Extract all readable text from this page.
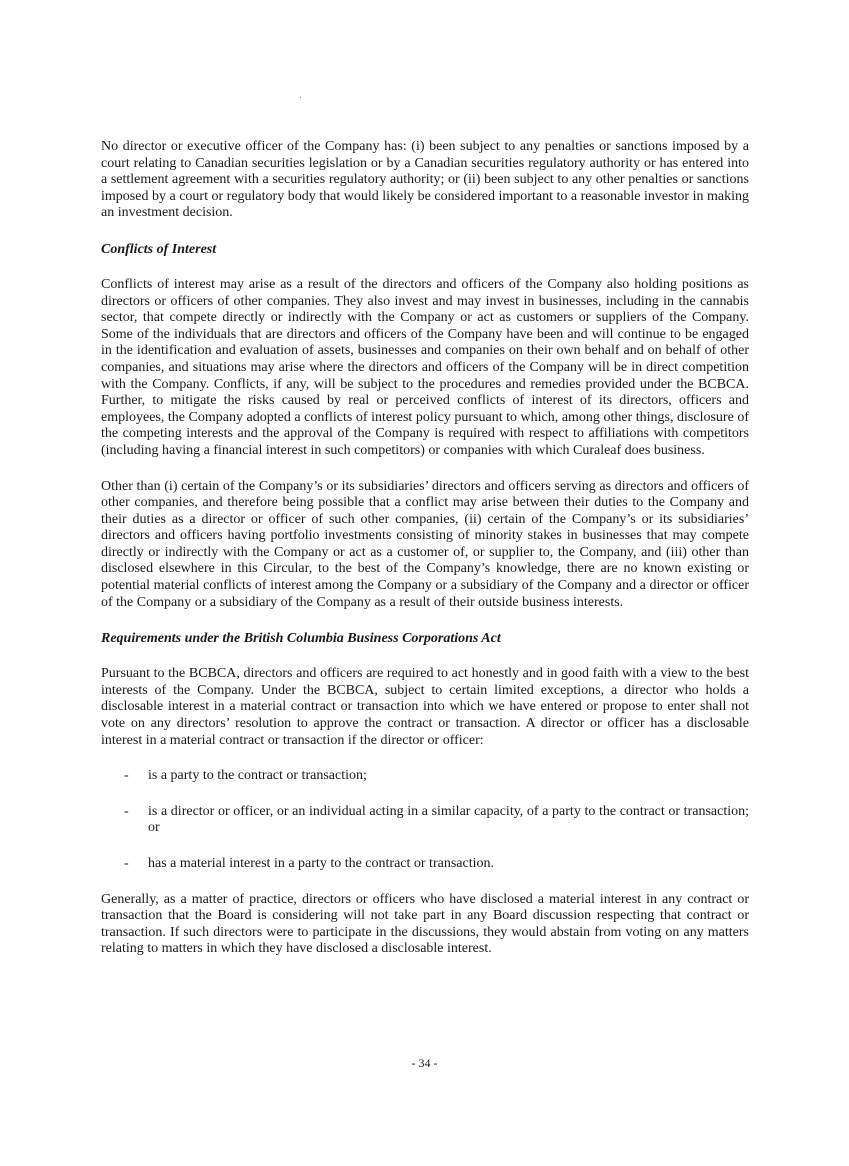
No director or executive officer of the Company has: (i) been subject to any penalties or sanctions imposed by a court relating to Canadian securities legislation or by a Canadian securities regulatory authority or has entered into a settlement agreement with a securities regulatory authority; or (ii) been subject to any other penalties or sanctions imposed by a court or regulatory body that would likely be considered important to a reasonable investor in making an investment decision.

Conflicts of Interest

Conflicts of interest may arise as a result of the directors and officers of the Company also holding positions as directors or officers of other companies. They also invest and may invest in businesses, including in the cannabis sector, that compete directly or indirectly with the Company or act as customers or suppliers of the Company. Some of the individuals that are directors and officers of the Company have been and will continue to be engaged in the identification and evaluation of assets, businesses and companies on their own behalf and on behalf of other companies, and situations may arise where the directors and officers of the Company will be in direct competition with the Company. Conflicts, if any, will be subject to the procedures and remedies provided under the BCBCA. Further, to mitigate the risks caused by real or perceived conflicts of interest of its directors, officers and employees, the Company adopted a conflicts of interest policy pursuant to which, among other things, disclosure of the competing interests and the approval of the Company is required with respect to affiliations with competitors (including having a financial interest in such competitors) or companies with which Curaleaf does business.

Other than (i) certain of the Company’s or its subsidiaries’ directors and officers serving as directors and officers of other companies, and therefore being possible that a conflict may arise between their duties to the Company and their duties as a director or officer of such other companies, (ii) certain of the Company’s or its subsidiaries’ directors and officers having portfolio investments consisting of minority stakes in businesses that may compete directly or indirectly with the Company or act as a customer of, or supplier to, the Company, and (iii) other than disclosed elsewhere in this Circular, to the best of the Company’s knowledge, there are no known existing or potential material conflicts of interest among the Company or a subsidiary of the Company and a director or officer of the Company or a subsidiary of the Company as a result of their outside business interests.

Requirements under the British Columbia Business Corporations Act

Pursuant to the BCBCA, directors and officers are required to act honestly and in good faith with a view to the best interests of the Company. Under the BCBCA, subject to certain limited exceptions, a director who holds a disclosable interest in a material contract or transaction into which we have entered or propose to enter shall not vote on any directors’ resolution to approve the contract or transaction. A director or officer has a disclosable interest in a material contract or transaction if the director or officer:

- is a party to the contract or transaction;
- is a director or officer, or an individual acting in a similar capacity, of a party to the contract or transaction; or
- has a material interest in a party to the contract or transaction.

Generally, as a matter of practice, directors or officers who have disclosed a material interest in any contract or transaction that the Board is considering will not take part in any Board discussion respecting that contract or transaction. If such directors were to participate in the discussions, they would abstain from voting on any matters relating to matters in which they have disclosed a disclosable interest.

- 34 -
